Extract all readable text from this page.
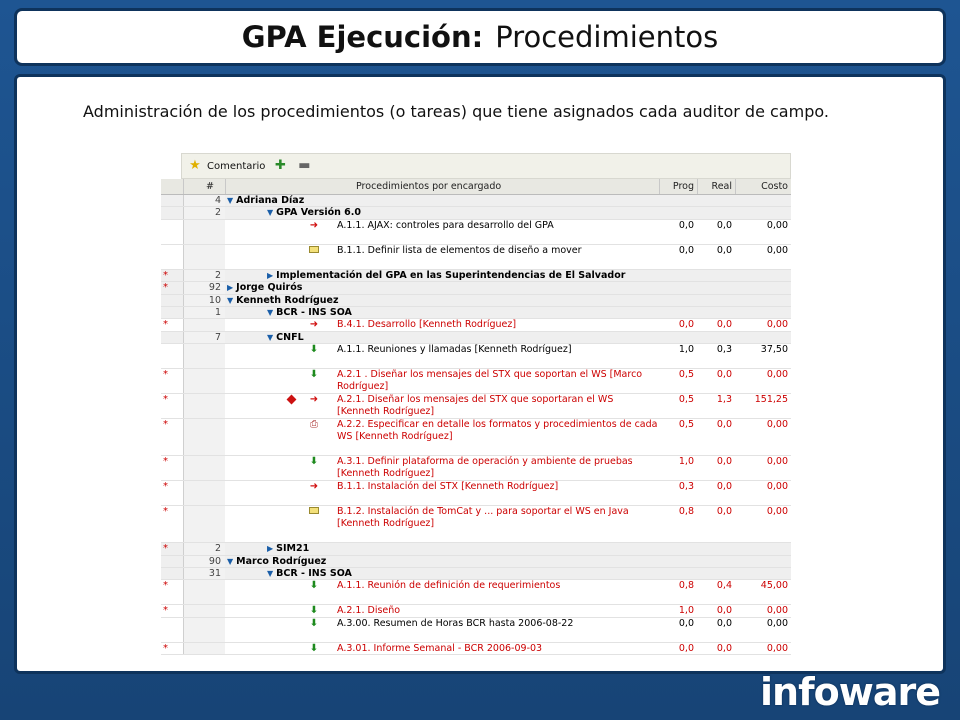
GPA Ejecución: Procedimientos
Administración de los procedimientos (o tareas) que tiene asignados cada auditor de campo.
★ Comentario ✚ ▬
#	Procedimientos por encargado	Prog	Real	Costo
4 ▼ Adriana Díaz
2	▼ GPA Versión 6.0
➜	A.1.1. AJAX: controles para desarrollo del GPA	0,0	0,0	0,00
B.1.1. Definir lista de elementos de diseño a mover	0,0	0,0	0,00
*	2	▶ Implementación del GPA en las Superintendencias de El Salvador
*	92 ▶ Jorge Quirós
10 ▼ Kenneth Rodríguez
1	▼ BCR - INS SOA
*	➜	B.4.1. Desarrollo [Kenneth Rodríguez]	0,0	0,0	0,00
7	▼ CNFL
⬇	A.1.1. Reuniones y llamadas [Kenneth Rodríguez]	1,0	0,3	37,50
*	⬇	A.2.1 . Diseñar los mensajes del STX que soportan el WS [Marco Rodríguez]
0,5	0,0	0,00
*	➜	A.2.1. Diseñar los mensajes del STX que soportaran el WS [Kenneth Rodríguez]
0,5	1,3	151,25
*	⎙	A.2.2. Especificar en detalle los formatos y procedimientos de cada WS [Kenneth Rodríguez]
0,5	0,0	0,00
*	⬇	A.3.1. Definir plataforma de operación y ambiente de pruebas [Kenneth Rodríguez]
1,0	0,0	0,00
*	➜	B.1.1. Instalación del STX [Kenneth Rodríguez]	0,3	0,0	0,00
*	B.1.2. Instalación de TomCat y ... para soportar el WS en Java [Kenneth Rodríguez]
0,8	0,0	0,00
*	2	▶ SIM21
90 ▼ Marco Rodríguez
31	▼ BCR - INS SOA
*	⬇	A.1.1. Reunión de definición de requerimientos	0,8	0,4	45,00
*	⬇	A.2.1. Diseño	1,0	0,0	0,00
⬇	A.3.00. Resumen de Horas BCR hasta 2006-08-22	0,0	0,0	0,00
*	⬇	A.3.01. Informe Semanal - BCR 2006-09-03	0,0	0,0	0,00
infoware
